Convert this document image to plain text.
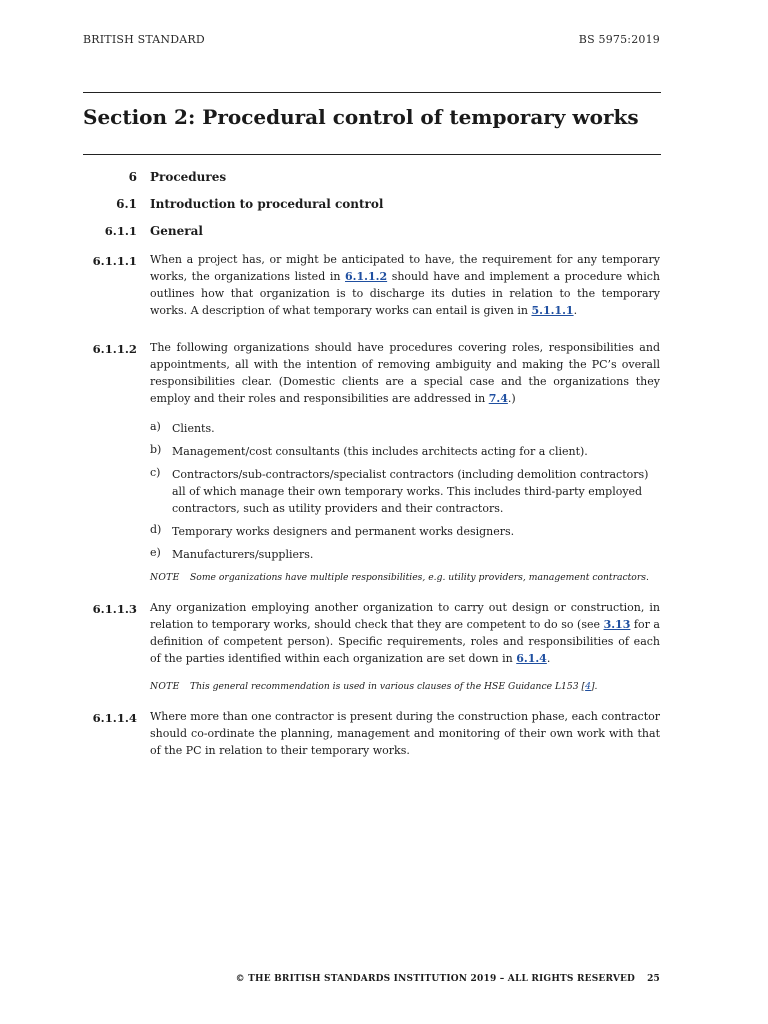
BRITISH STANDARD	BS 5975:2019
Section 2: Procedural control of temporary works
6 Procedures
6.1 Introduction to procedural control
6.1.1 General
6.1.1.1 When a project has, or might be anticipated to have, the requirement for any temporary works, the organizations listed in 6.1.1.2 should have and implement a procedure which outlines how that organization is to discharge its duties in relation to the temporary works. A description of what temporary works can entail is given in 5.1.1.1.
6.1.1.2 The following organizations should have procedures covering roles, responsibilities and appointments, all with the intention of removing ambiguity and making the PC’s overall responsibilities clear. (Domestic clients are a special case and the organizations they employ and their roles and responsibilities are addressed in 7.4.)
a)	Clients.
b) Management/cost consultants (this includes architects acting for a client).
c)	Contractors/sub-contractors/specialist contractors (including demolition contractors) all of which manage their own temporary works. This includes third-party employed contractors, such as utility providers and their contractors.
d) Temporary works designers and permanent works designers.
e)	Manufacturers/suppliers.
NOTE Some organizations have multiple responsibilities, e.g. utility providers, management contractors.
6.1.1.3 Any organization employing another organization to carry out design or construction, in relation to temporary works, should check that they are competent to do so (see 3.13 for a definition of competent person). Specific requirements, roles and responsibilities of each of the parties identified within each organization are set down in 6.1.4.
NOTE This general recommendation is used in various clauses of the HSE Guidance L153 [4].
6.1.1.4 Where more than one contractor is present during the construction phase, each contractor should co-ordinate the planning, management and monitoring of their own work with that of the PC in relation to their temporary works.
© THE BRITISH STANDARDS INSTITUTION 2019 – ALL RIGHTS RESERVED 25
